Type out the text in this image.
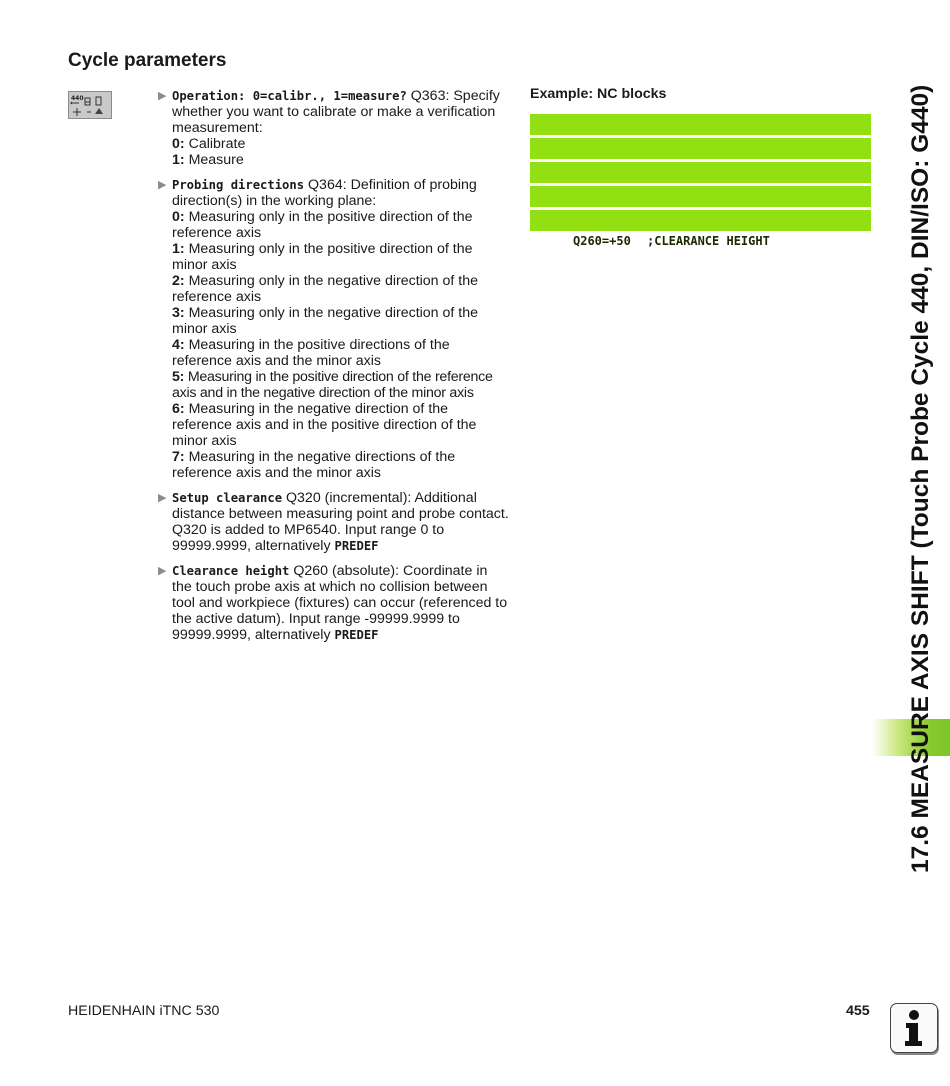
Cycle parameters
440	▶ Operation: 0=calibr., 1=measure? Q363: Specify whether you want to calibrate or make a verification measurement:
0: Calibrate
1: Measure
▶ Probing directions Q364: Definition of probing direction(s) in the working plane:
0: Measuring only in the positive direction of the reference axis
1: Measuring only in the positive direction of the minor axis
2: Measuring only in the negative direction of the reference axis
3: Measuring only in the negative direction of the minor axis
4: Measuring in the positive directions of the reference axis and the minor axis
5: Measuring in the positive direction of the reference axis and in the negative direction of the minor axis
6: Measuring in the negative direction of the reference axis and in the positive direction of the minor axis
7: Measuring in the negative directions of the reference axis and the minor axis
▶ Setup clearance Q320 (incremental): Additional distance between measuring point and probe contact. Q320 is added to MP6540. Input range 0 to 99999.9999, alternatively PREDEF
▶ Clearance height Q260 (absolute): Coordinate in the touch probe axis at which no collision between tool and workpiece (fixtures) can occur (referenced to the active datum). Input range -99999.9999 to 99999.9999, alternatively PREDEF
Example: NC blocks

Q260=+50 ;CLEARANCE HEIGHT

	17.6 MEASURE AXIS SHIFT (Touch Probe Cycle 440, DIN/ISO: G440)
HEIDENHAIN iTNC 530	455
